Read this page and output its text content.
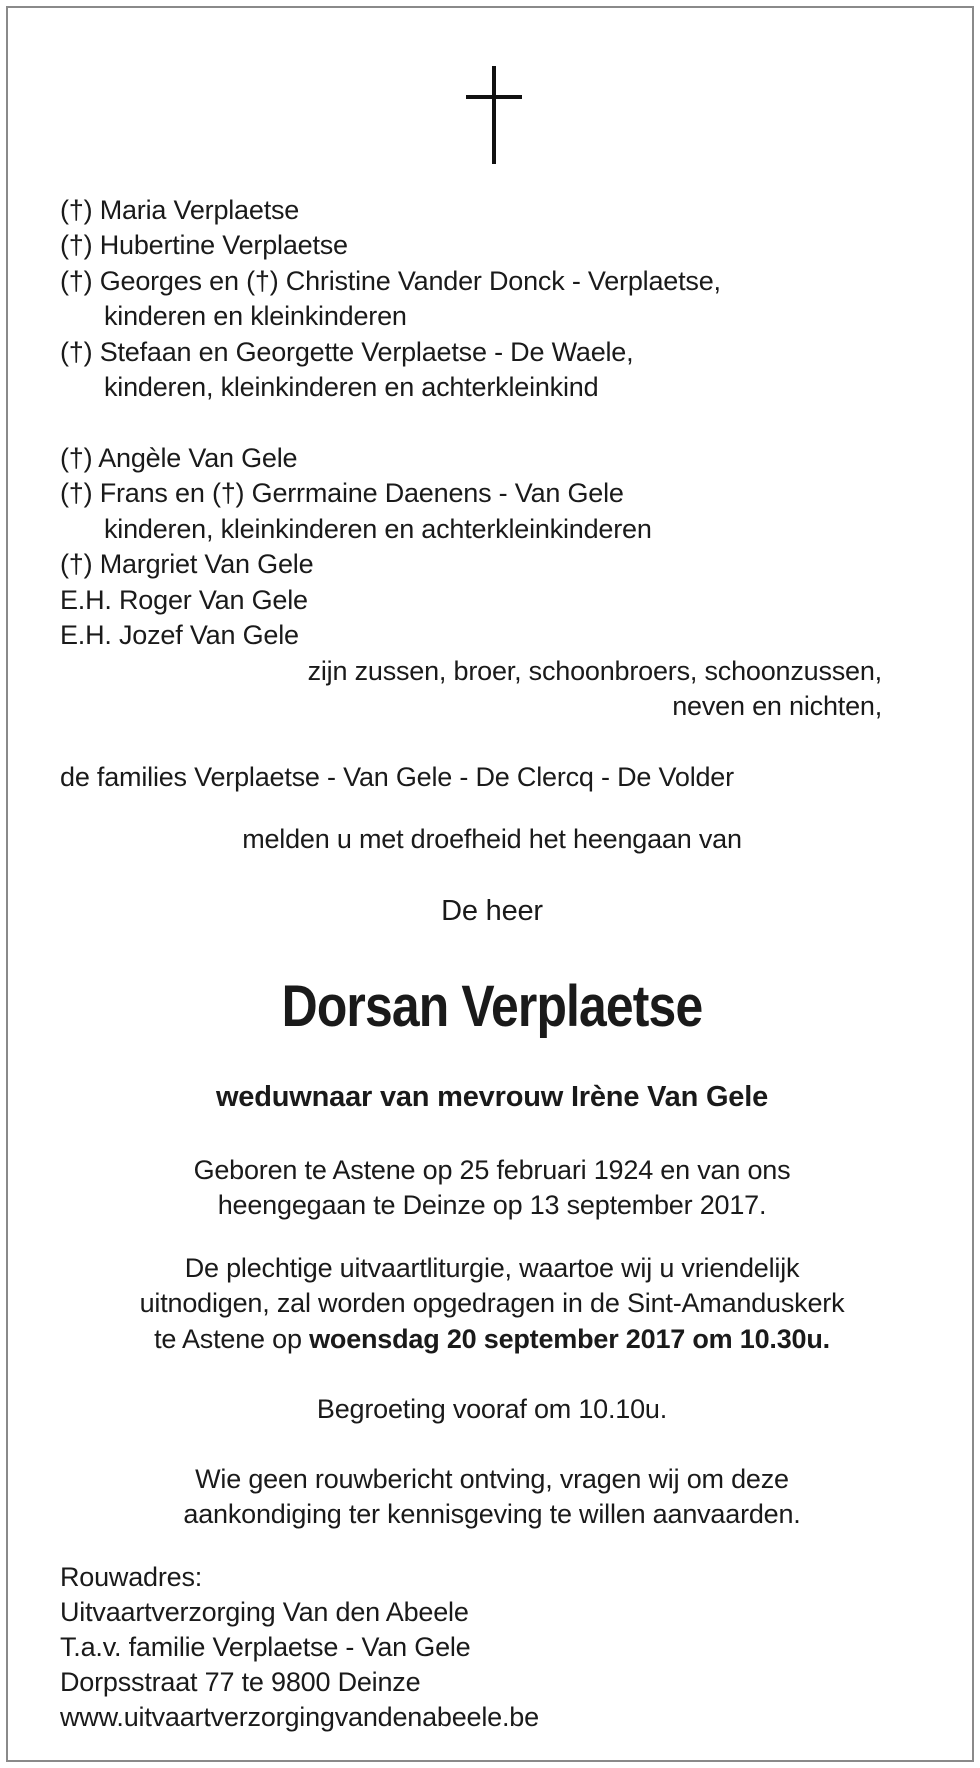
(†) Maria Verplaetse
(†) Hubertine Verplaetse
(†) Georges en (†) Christine Vander Donck - Verplaetse,
kinderen en kleinkinderen
(†) Stefaan en Georgette Verplaetse - De Waele,
kinderen, kleinkinderen en achterkleinkind
(†) Angèle Van Gele
(†) Frans en (†) Gerrmaine Daenens - Van Gele
kinderen, kleinkinderen en achterkleinkinderen
(†) Margriet Van Gele
E.H. Roger Van Gele
E.H. Jozef Van Gele
zijn zussen, broer, schoonbroers, schoonzussen,
neven en nichten,
de families Verplaetse - Van Gele - De Clercq - De Volder
melden u met droefheid het heengaan van
De heer
Dorsan Verplaetse
weduwnaar van mevrouw Irène Van Gele
Geboren te Astene op 25 februari 1924 en van ons
heengegaan te Deinze op 13 september 2017.
De plechtige uitvaartliturgie, waartoe wij u vriendelijk
uitnodigen, zal worden opgedragen in de Sint-Amanduskerk
te Astene op woensdag 20 september 2017 om 10.30u.
Begroeting vooraf om 10.10u.
Wie geen rouwbericht ontving, vragen wij om deze
aankondiging ter kennisgeving te willen aanvaarden.
Rouwadres:
Uitvaartverzorging Van den Abeele
T.a.v. familie Verplaetse - Van Gele
Dorpsstraat 77 te 9800 Deinze
www.uitvaartverzorgingvandenabeele.be
